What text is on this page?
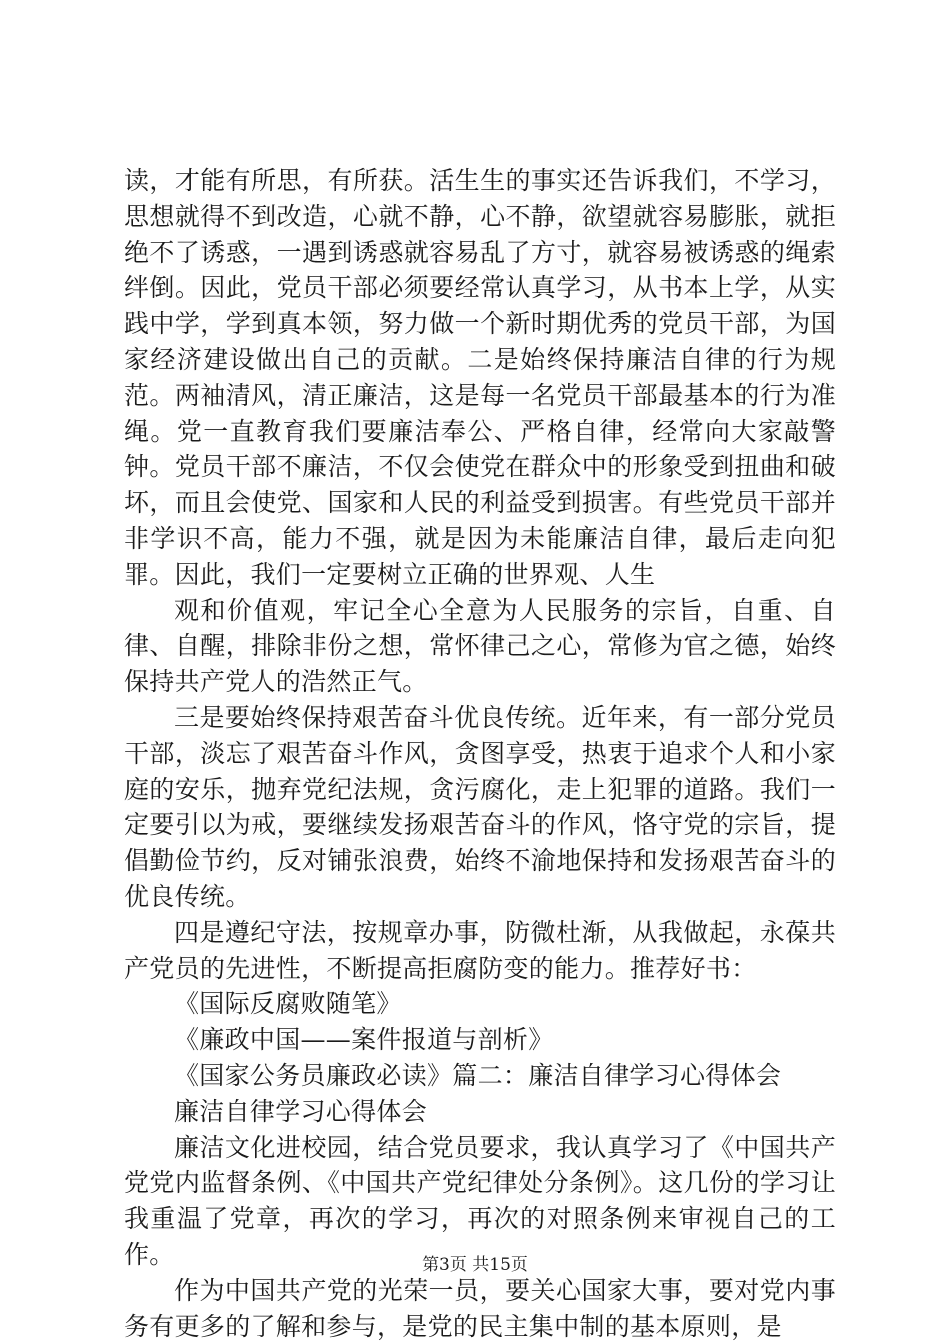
读，才能有所思，有所获。活生生的事实还告诉我们，不学习，思想就得不到改造，心就不静，心不静，欲望就容易膨胀，就拒绝不了诱惑，一遇到诱惑就容易乱了方寸，就容易被诱惑的绳索绊倒。因此，党员干部必须要经常认真学习，从书本上学，从实践中学，学到真本领，努力做一个新时期优秀的党员干部，为国家经济建设做出自己的贡献。二是始终保持廉洁自律的行为规范。两袖清风，清正廉洁，这是每一名党员干部最基本的行为准绳。党一直教育我们要廉洁奉公、严格自律，经常向大家敲警钟。党员干部不廉洁，不仅会使党在群众中的形象受到扭曲和破坏，而且会使党、国家和人民的利益受到损害。有些党员干部并非学识不高，能力不强，就是因为未能廉洁自律，最后走向犯罪。因此，我们一定要树立正确的世界观、人生

观和价值观，牢记全心全意为人民服务的宗旨，自重、自律、自醒，排除非份之想，常怀律己之心，常修为官之德，始终保持共产党人的浩然正气。

三是要始终保持艰苦奋斗优良传统。近年来，有一部分党员干部，淡忘了艰苦奋斗作风，贪图享受，热衷于追求个人和小家庭的安乐，抛弃党纪法规，贪污腐化，走上犯罪的道路。我们一定要引以为戒，要继续发扬艰苦奋斗的作风，恪守党的宗旨，提倡勤俭节约，反对铺张浪费，始终不渝地保持和发扬艰苦奋斗的优良传统。

四是遵纪守法，按规章办事，防微杜渐，从我做起，永葆共产党员的先进性，不断提高拒腐防变的能力。推荐好书：

《国际反腐败随笔》

《廉政中国——案件报道与剖析》

《国家公务员廉政必读》篇二：廉洁自律学习心得体会

廉洁自律学习心得体会

廉洁文化进校园，结合党员要求，我认真学习了《中国共产党党内监督条例、《中国共产党纪律处分条例》。这几份的学习让我重温了党章，再次的学习，再次的对照条例来审视自己的工作。

作为中国共产党的光荣一员，要关心国家大事，要对党内事务有更多的了解和参与，是党的民主集中制的基本原则，是

第3页 共15页
